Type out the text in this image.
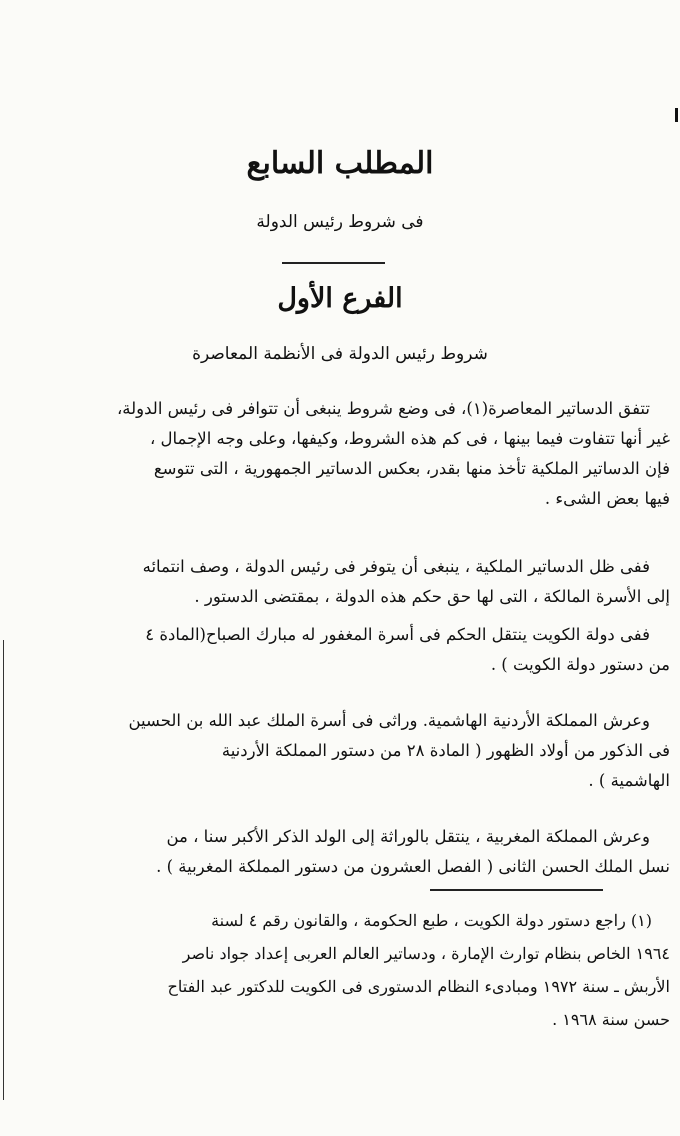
المطلب السابع
فى شروط رئيس الدولة
الفرع الأول
شروط رئيس الدولة فى الأنظمة المعاصرة
تتفق الدساتير المعاصرة(١)، فى وضع شروط ينبغى أن تتوافر فى رئيس الدولة،
غير أنها تتفاوت فيما بينها ، فى كم هذه الشروط، وكيفها، وعلى وجه الإجمال ،
فإن الدساتير الملكية تأخذ منها بقدر، بعكس الدساتير الجمهورية ، التى تتوسع
فيها بعض الشىء .
ففى ظل الدساتير الملكية ، ينبغى أن يتوفر فى رئيس الدولة ، وصف انتمائه
إلى الأسرة المالكة ، التى لها حق حكم هذه الدولة ، بمقتضى الدستور .
ففى دولة الكويت ينتقل الحكم فى أسرة المغفور له مبارك الصباح(المادة ٤
من دستور دولة الكويت ) .
وعرش المملكة الأردنية الهاشمية. وراثى فى أسرة الملك عبد الله بن الحسين
فى الذكور من أولاد الظهور ( المادة ٢٨ من دستور المملكة الأردنية
الهاشمية ) .
وعرش المملكة المغربية ، ينتقل بالوراثة إلى الولد الذكر الأكبر سنا ، من
نسل الملك الحسن الثانى ( الفصل العشرون من دستور المملكة المغربية ) .
(١) راجع دستور دولة الكويت ، طبع الحكومة ، والقانون رقم ٤ لسنة
١٩٦٤ الخاص بنظام توارث الإمارة ، ودساتير العالم العربى إعداد جواد ناصر
الأربش ـ سنة ١٩٧٢ ومبادىء النظام الدستورى فى الكويت للدكتور عبد الفتاح
حسن سنة ١٩٦٨ .
